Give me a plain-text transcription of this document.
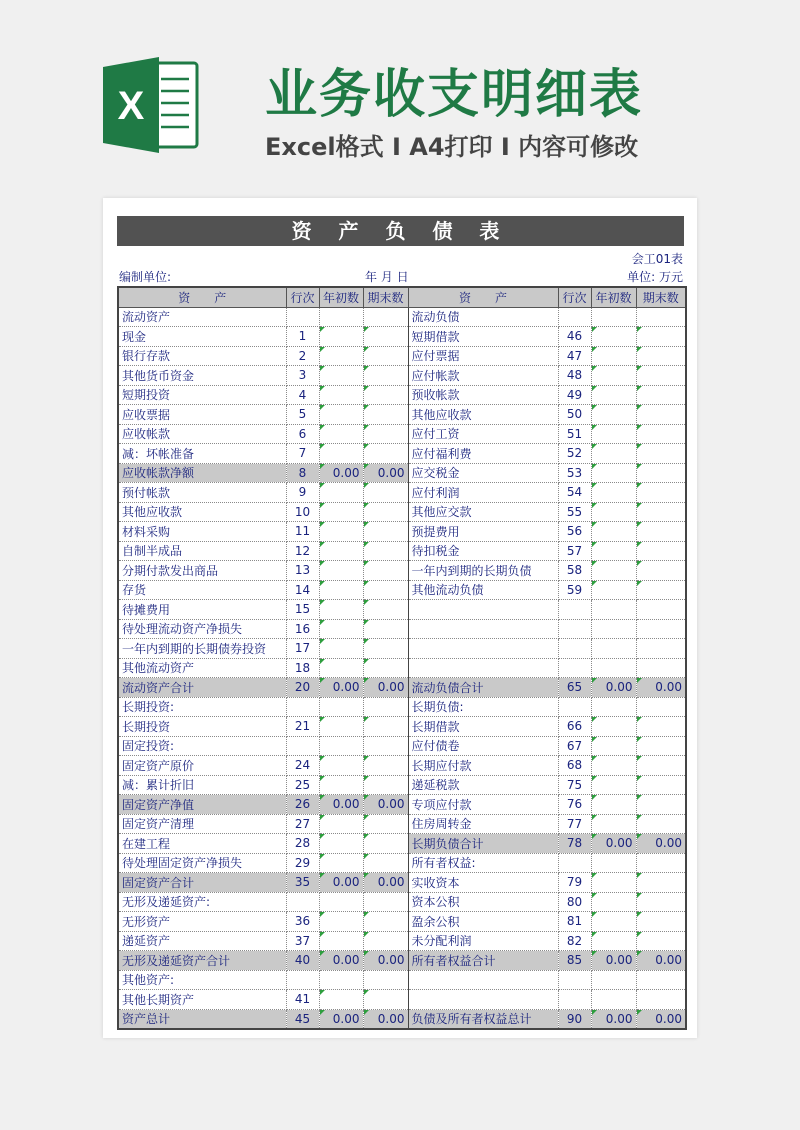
X 业务收支明细表
Excel格式 I A4打印 I 内容可修改
资 产 负 债 表
会工01表
编制单位:	年 月 日	单位: 万元
资　　产	行次	年初数	期末数	资　　产	行次	年初数	期末数
流动资产				流动负债			
现金	1			短期借款	46		
银行存款	2			应付票据	47		
其他货币资金	3			应付帐款	48		
短期投资	4			预收帐款	49		
应收票据	5			其他应收款	50		
应收帐款	6			应付工资	51		
减：坏帐准备	7			应付福利费	52		
应收帐款净额	8	0.00	0.00	应交税金	53		
预付帐款	9			应付利润	54		
其他应收款	10			其他应交款	55		
材料采购	11			预提费用	56		
自制半成品	12			待扣税金	57		
分期付款发出商品	13			一年内到期的长期负债	58		
存货	14			其他流动负债	59		
待摊费用	15						
待处理流动资产净损失	16						
一年内到期的长期债券投资	17						
其他流动资产	18						
流动资产合计	20	0.00	0.00	流动负债合计	65	0.00	0.00
长期投资:				长期负债:			
长期投资	21			长期借款	66		
固定投资:				应付债卷	67		
固定资产原价	24			长期应付款	68		
减：累计折旧	25			递延税款	75		
固定资产净值	26	0.00	0.00	专项应付款	76		
固定资产清理	27			住房周转金	77		
在建工程	28			长期负债合计	78	0.00	0.00
待处理固定资产净损失	29			所有者权益:			
固定资产合计	35	0.00	0.00	实收资本	79		
无形及递延资产:				资本公积	80		
无形资产	36			盈余公积	81		
递延资产	37			未分配利润	82		
无形及递延资产合计	40	0.00	0.00	所有者权益合计	85	0.00	0.00
其他资产:							
其他长期资产	41						
资产总计	45	0.00	0.00	负债及所有者权益总计	90	0.00	0.00
